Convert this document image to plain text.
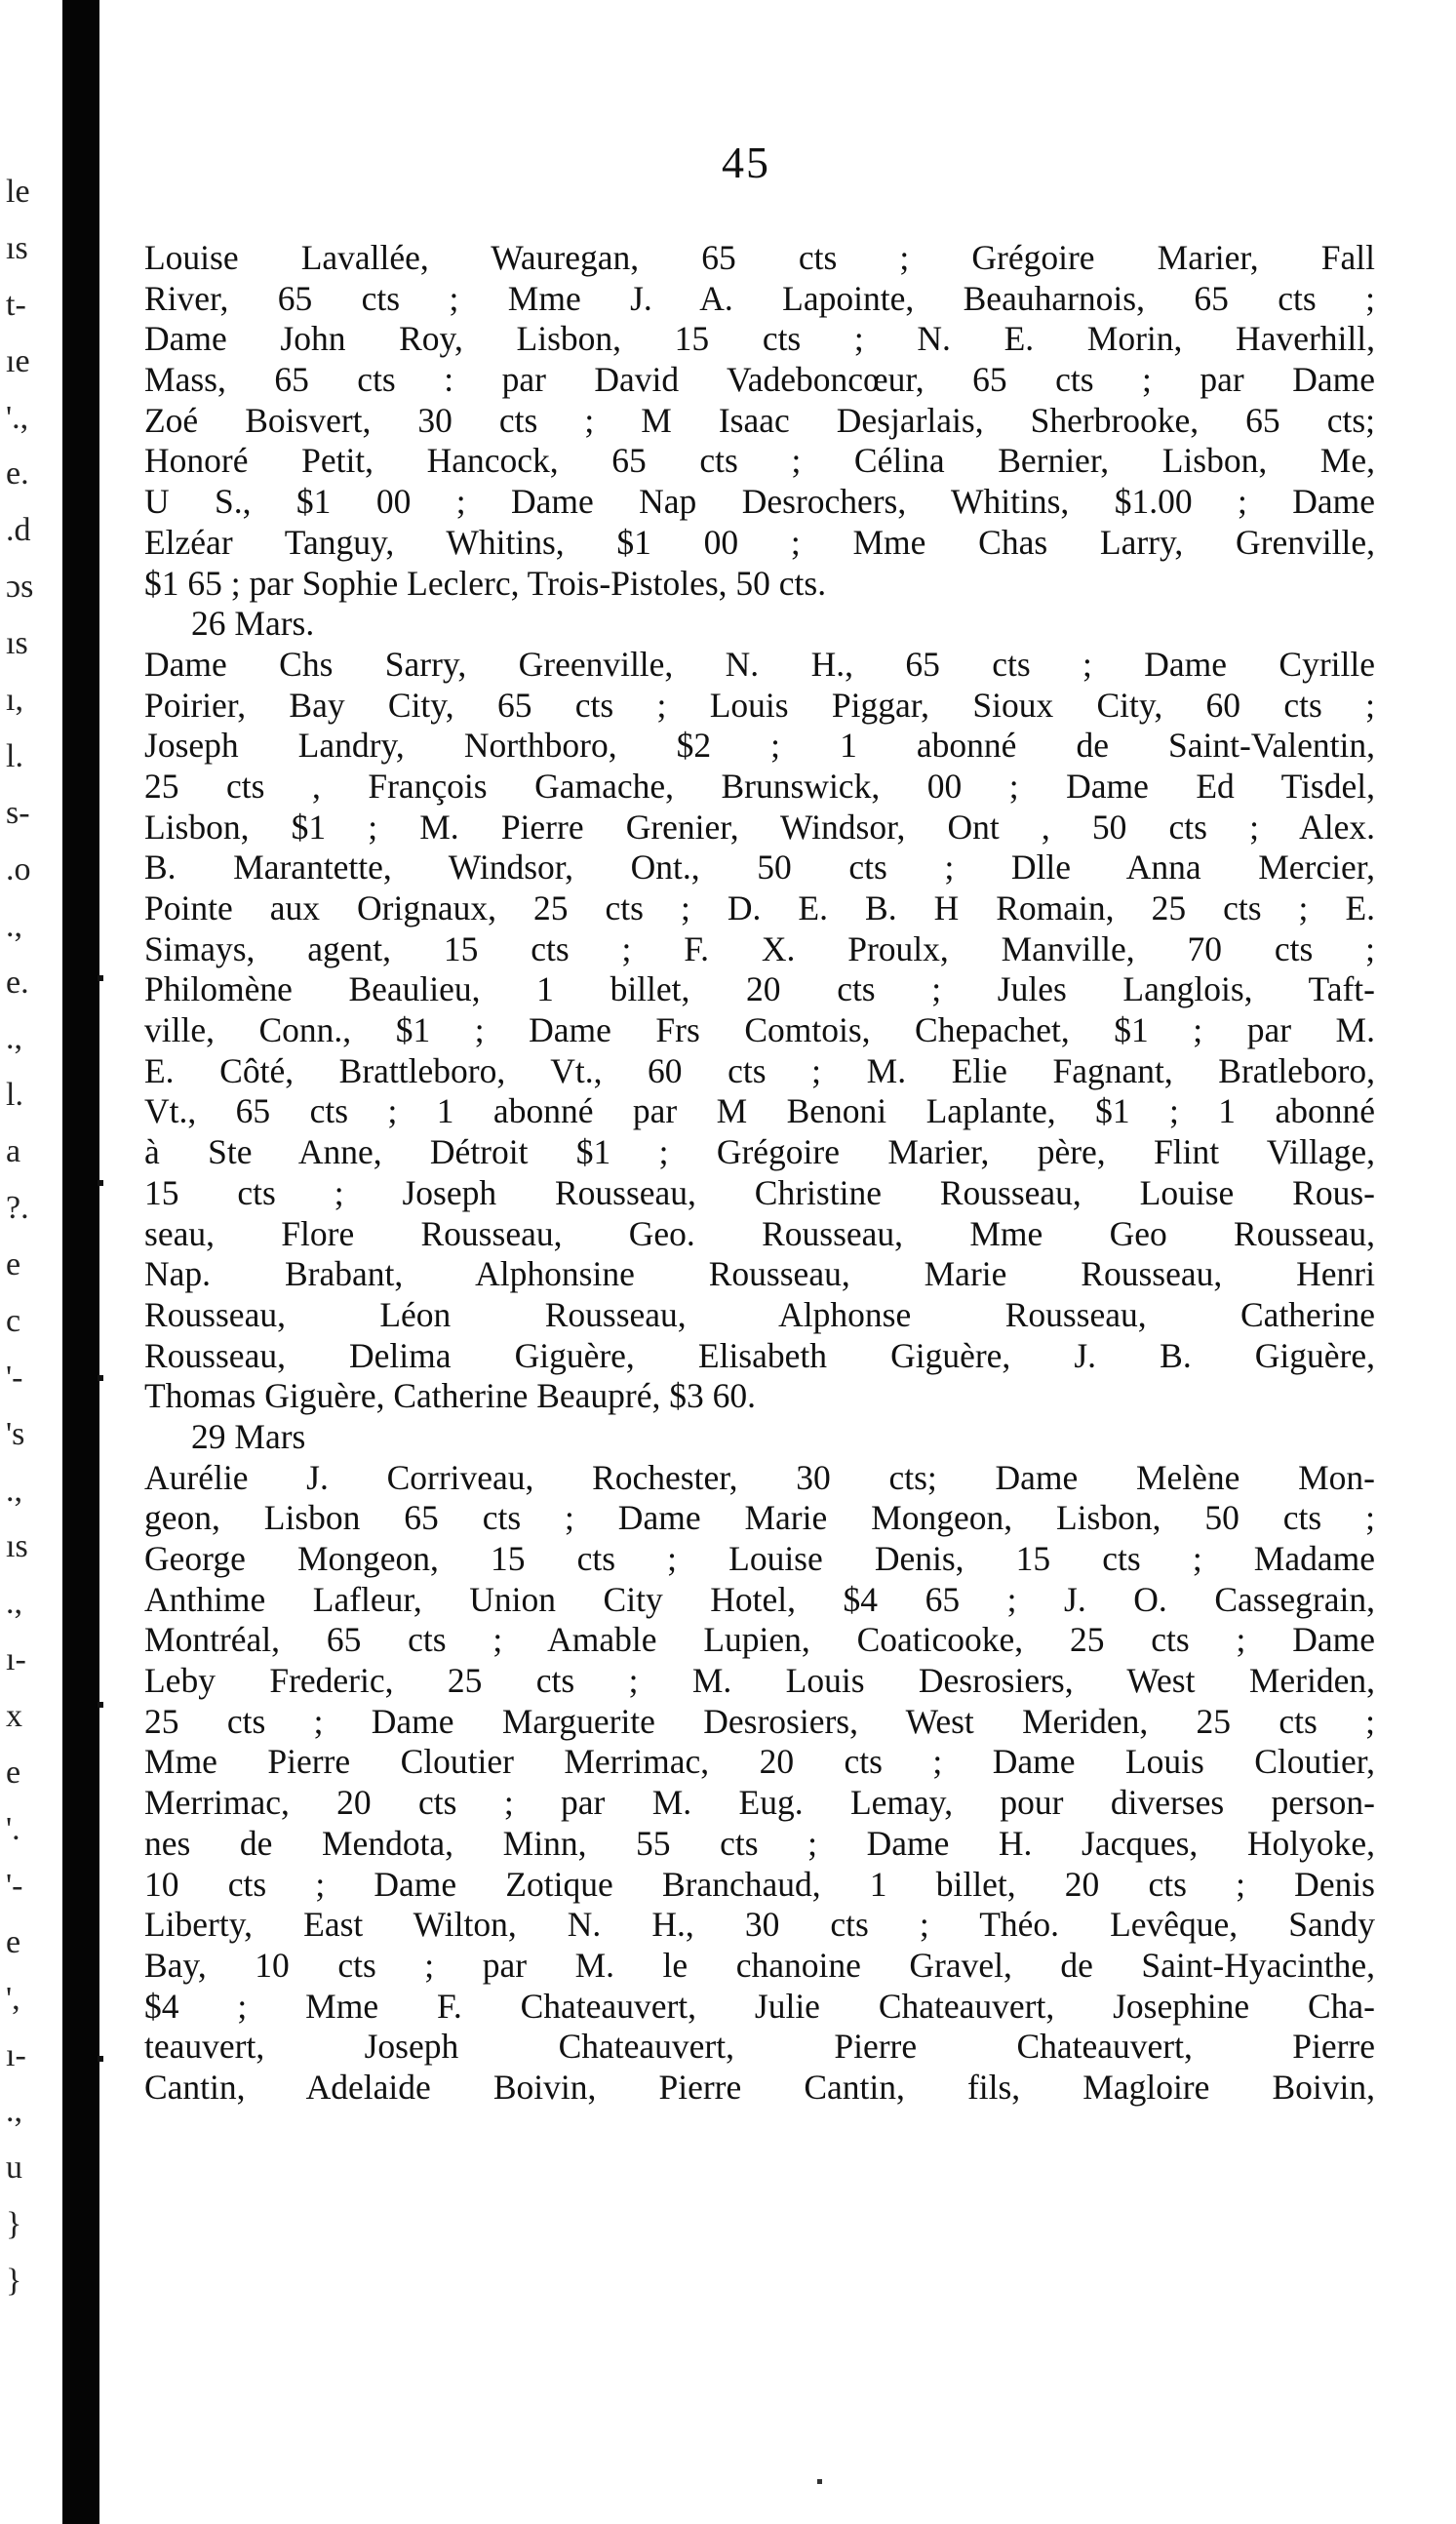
le
ıs
t-
ıe
'.,
e.
.d
ɔs
ıs
ı,
l.
s-
.o
.,
e.
.,
l.
a
?.
e
c
'-
's
.,
ıs
.,
ı-
x
e
'.
'-
e
',
ı-
.,
u
}
}
45
Louise Lavallée, Wauregan, 65 cts ; Grégoire Marier, Fall
River, 65 cts ; Mme J. A. Lapointe, Beauharnois, 65 cts ;
Dame John Roy, Lisbon, 15 cts ; N. E. Morin, Haverhill,
Mass, 65 cts : par David Vadeboncœur, 65 cts ; par Dame
Zoé Boisvert, 30 cts ; M Isaac Desjarlais, Sherbrooke, 65 cts;
Honoré Petit, Hancock, 65 cts ; Célina Bernier, Lisbon, Me,
U S., $1 00 ; Dame Nap Desrochers, Whitins, $1.00 ; Dame
Elzéar Tanguy, Whitins, $1 00 ; Mme Chas Larry, Grenville,
$1 65 ; par Sophie Leclerc, Trois-Pistoles, 50 cts.
26 Mars.
Dame Chs Sarry, Greenville, N. H., 65 cts ; Dame Cyrille
Poirier, Bay City, 65 cts ; Louis Piggar, Sioux City, 60 cts ;
Joseph Landry, Northboro, $2 ; 1 abonné de Saint-Valentin,
25 cts , François Gamache, Brunswick, 00 ; Dame Ed Tisdel,
Lisbon, $1 ; M. Pierre Grenier, Windsor, Ont , 50 cts ; Alex.
B. Marantette, Windsor, Ont., 50 cts ; Dlle Anna Mercier,
Pointe aux Orignaux, 25 cts ; D. E. B. H Romain, 25 cts ; E.
Simays, agent, 15 cts ; F. X. Proulx, Manville, 70 cts ;
Philomène Beaulieu, 1 billet, 20 cts ; Jules Langlois, Taft-
ville, Conn., $1 ; Dame Frs Comtois, Chepachet, $1 ; par M.
E. Côté, Brattleboro, Vt., 60 cts ; M. Elie Fagnant, Bratleboro,
Vt., 65 cts ; 1 abonné par M Benoni Laplante, $1 ; 1 abonné
à Ste Anne, Détroit $1 ; Grégoire Marier, père, Flint Village,
15 cts ; Joseph Rousseau, Christine Rousseau, Louise Rous-
seau, Flore Rousseau, Geo. Rousseau, Mme Geo Rousseau,
Nap. Brabant, Alphonsine Rousseau, Marie Rousseau, Henri
Rousseau, Léon Rousseau, Alphonse Rousseau, Catherine
Rousseau, Delima Giguère, Elisabeth Giguère, J. B. Giguère,
Thomas Giguère, Catherine Beaupré, $3 60.
29 Mars
Aurélie J. Corriveau, Rochester, 30 cts; Dame Melène Mon-
geon, Lisbon 65 cts ; Dame Marie Mongeon, Lisbon, 50 cts ;
George Mongeon, 15 cts ; Louise Denis, 15 cts ; Madame
Anthime Lafleur, Union City Hotel, $4 65 ; J. O. Cassegrain,
Montréal, 65 cts ; Amable Lupien, Coaticooke, 25 cts ; Dame
Leby Frederic, 25 cts ; M. Louis Desrosiers, West Meriden,
25 cts ; Dame Marguerite Desrosiers, West Meriden, 25 cts ;
Mme Pierre Cloutier Merrimac, 20 cts ; Dame Louis Cloutier,
Merrimac, 20 cts ; par M. Eug. Lemay, pour diverses person-
nes de Mendota, Minn, 55 cts ; Dame H. Jacques, Holyoke,
10 cts ; Dame Zotique Branchaud, 1 billet, 20 cts ; Denis
Liberty, East Wilton, N. H., 30 cts ; Théo. Levêque, Sandy
Bay, 10 cts ; par M. le chanoine Gravel, de Saint-Hyacinthe,
$4 ; Mme F. Chateauvert, Julie Chateauvert, Josephine Cha-
teauvert, Joseph Chateauvert, Pierre Chateauvert, Pierre
Cantin, Adelaide Boivin, Pierre Cantin, fils, Magloire Boivin,
